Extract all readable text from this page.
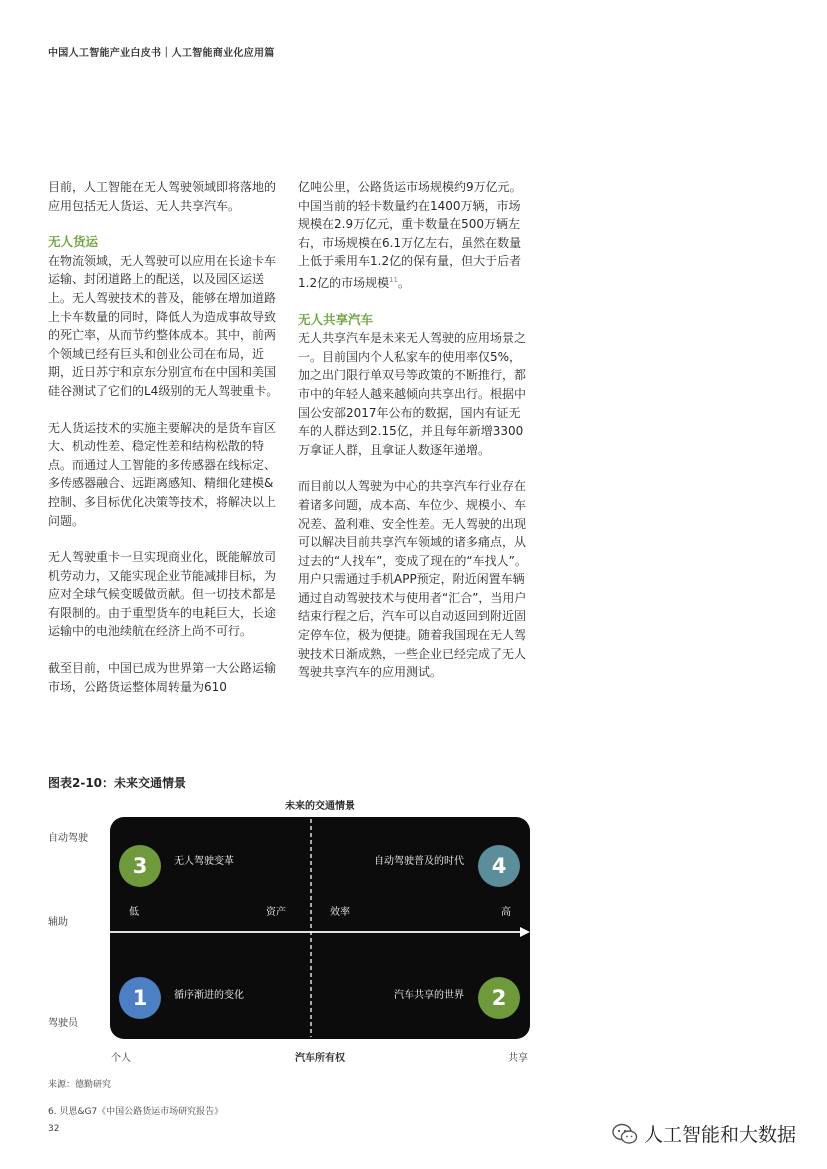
中国人工智能产业白皮书｜人工智能商业化应用篇

目前，人工智能在无人驾驶领域即将落地的应用包括无人货运、无人共享汽车。

无人货运

在物流领域，无人驾驶可以应用在长途卡车运输、封闭道路上的配送，以及园区运送上。无人驾驶技术的普及，能够在增加道路上卡车数量的同时，降低人为造成事故导致的死亡率，从而节约整体成本。其中，前两个领域已经有巨头和创业公司在布局，近期，近日苏宁和京东分别宣布在中国和美国硅谷测试了它们的L4级别的无人驾驶重卡。

无人货运技术的实施主要解决的是货车盲区大、机动性差、稳定性差和结构松散的特点。而通过人工智能的多传感器在线标定、多传感器融合、远距离感知、精细化建模&控制、多目标优化决策等技术，将解决以上问题。

无人驾驶重卡一旦实现商业化，既能解放司机劳动力，又能实现企业节能减排目标，为应对全球气候变暖做贡献。但一切技术都是有限制的。由于重型货车的电耗巨大，长途运输中的电池续航在经济上尚不可行。

截至目前，中国已成为世界第一大公路运输市场，公路货运整体周转量为610

亿吨公里，公路货运市场规模约9万亿元。中国当前的轻卡数量约在1400万辆，市场规模在2.9万亿元，重卡数量在500万辆左右，市场规模在6.1万亿左右，虽然在数量上低于乘用车1.2亿的保有量，但大于后者1.2亿的市场规模$^{11}$。

无人共享汽车

无人共享汽车是未来无人驾驶的应用场景之一。目前国内个人私家车的使用率仅5%，加之出门限行单双号等政策的不断推行，都市中的年轻人越来越倾向共享出行。根据中国公安部2017年公布的数据，国内有证无车的人群达到2.15亿，并且每年新增3300万拿证人群，且拿证人数逐年递增。

而目前以人驾驶为中心的共享汽车行业存在着诸多问题，成本高、车位少、规模小、车况差、盈利难、安全性差。无人驾驶的出现可以解决目前共享汽车领域的诸多痛点，从过去的“人找车”，变成了现在的“车找人”。用户只需通过手机APP预定，附近闲置车辆通过自动驾驶技术与使用者“汇合”，当用户结束行程之后，汽车可以自动返回到附近固定停车位，极为便捷。随着我国现在无人驾驶技术日渐成熟，一些企业已经完成了无人驾驶共享汽车的应用测试。

图表2-10：未来交通情景
未来的交通情景
自动驾驶
辅助
驾驶员
低	资产	效率	高
3	无人驾驶变革	4
自动驾驶普及的时代
1	循序渐进的变化	2
汽车共享的世界
个人	汽车所有权	共享
来源：德勤研究
6. 贝恩&G7《中国公路货运市场研究报告》
32	人工智能和大数据
